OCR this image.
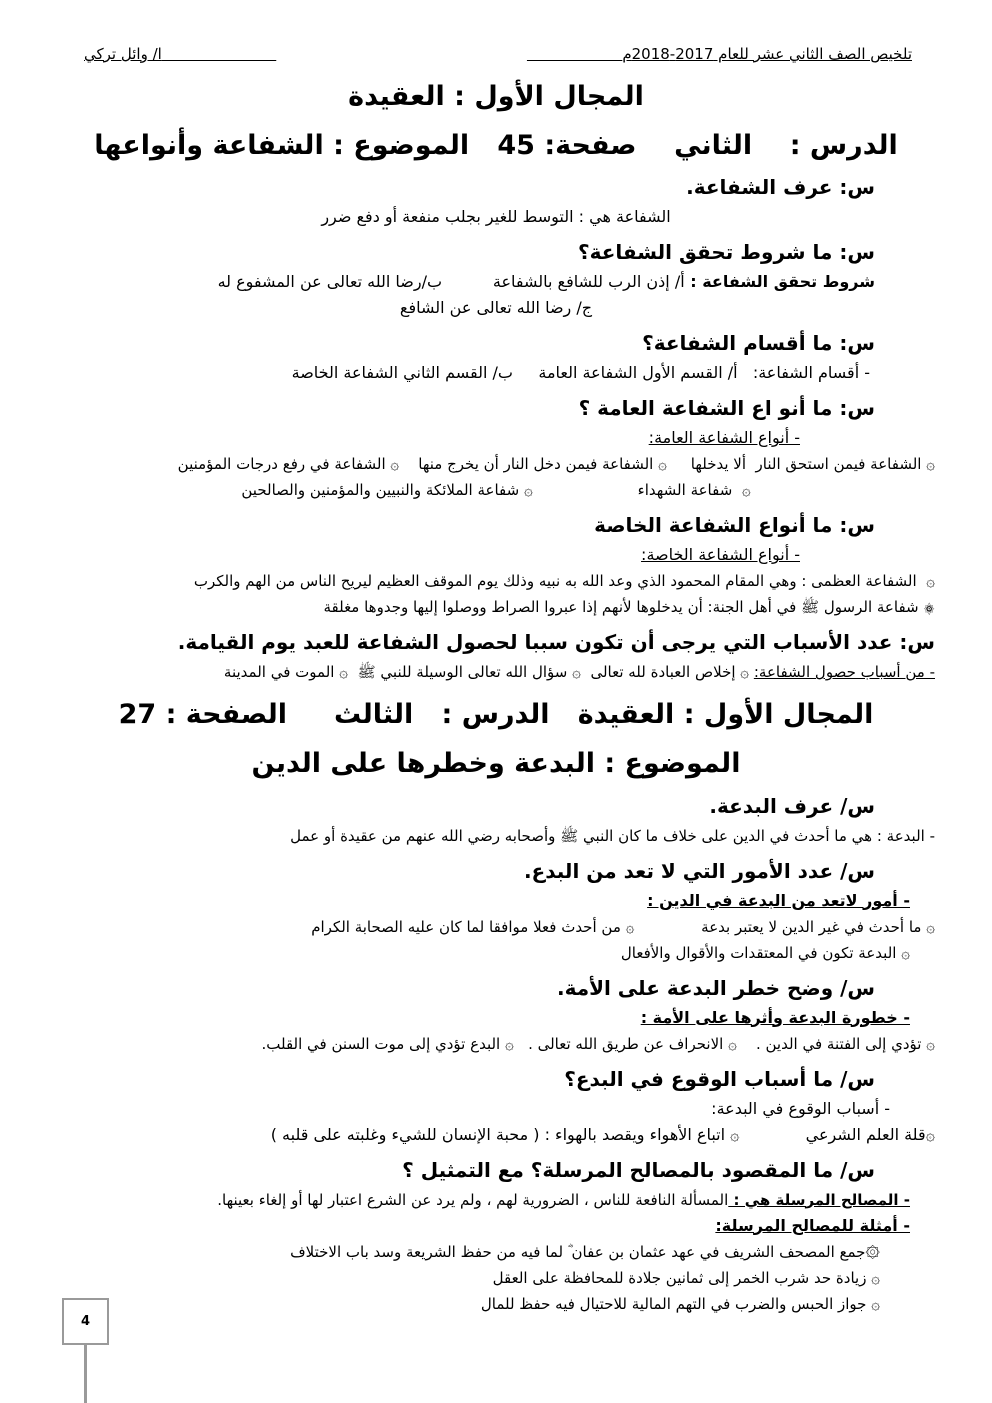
تلخيص الصف الثاني عشر للعام 2017-2018م
ا/ وائل تركي
المجال الأول : العقيدة
الدرس :    الثاني    صفحة: 45   الموضوع : الشفاعة وأنواعها
س: عرف الشفاعة.
الشفاعة هي : التوسط للغير بجلب منفعة أو دفع ضرر
س: ما شروط تحقق الشفاعة؟
شروط تحقق الشفاعة : أ/ إذن الرب للشافع بالشفاعة          ب/رضا الله تعالى عن المشفوع له
ج/ رضا الله تعالى عن الشافع
س: ما أقسام الشفاعة؟
- أقسام الشفاعة:   أ/ القسم الأول الشفاعة العامة     ب/ القسم الثاني الشفاعة الخاصة
س: ما أنو اع الشفاعة العامة ؟
- أنواع الشفاعة العامة:
۞ الشفاعة فيمن استحق النار  ألا يدخلها     ۞ الشفاعة فيمن دخل النار أن يخرج منها    ۞ الشفاعة في رفع درجات المؤمنين
۞  شفاعة الشهداء                      ۞ شفاعة الملائكة والنبيين والمؤمنين والصالحين
س: ما أنواع الشفاعة الخاصة
- أنواع الشفاعة الخاصة:
۞  الشفاعة العظمى : وهي المقام المحمود الذي وعد الله به نبيه وذلك يوم الموقف العظيم ليريح الناس من الهم والكرب
۞ شفاعة الرسول ﷺ في أهل الجنة: أن يدخلوها لأنهم إذا عبروا الصراط ووصلوا إليها وجدوها مغلقة
س: عدد الأسباب التي يرجى أن تكون سببا لحصول الشفاعة للعبد يوم القيامة.
- من أسباب حصول الشفاعة: ۞ إخلاص العبادة لله تعالى  ۞ سؤال الله تعالى الوسيلة للنبي ﷺ  ۞ الموت في المدينة
المجال الأول : العقيدة   الدرس :   الثالث     الصفحة : 27
الموضوع : البدعة وخطرها على الدين
س/ عرف البدعة.
- البدعة : هي ما أحدث في الدين على خلاف ما كان النبي ﷺ وأصحابه رضي الله عنهم من عقيدة أو عمل
س/ عدد الأمور التي لا تعد من البدع.
- أمور لاتعد من البدعة في الدين :
۞ ما أحدث في غير الدين لا يعتبر بدعة              ۞ من أحدث فعلا موافقا لما كان عليه الصحابة الكرام
۞ البدعة تكون في المعتقدات والأقوال والأفعال
س/ وضح خطر البدعة على الأمة.
- خطورة البدعة وأثرها على الأمة :
۞ تؤدي إلى الفتنة في الدين .    ۞ الانحراف عن طريق الله تعالى .   ۞ البدع تؤدي إلى موت السنن في القلب.
س/ ما أسباب الوقوع في البدع؟
- أسباب الوقوع في البدعة:
۞قلة العلم الشرعي             ۞ اتباع الأهواء ويقصد بالهواء : ( محبة الإنسان للشيء وغلبته على قلبه )
س/ ما المقصود بالمصالح المرسلة؟ مع التمثيل ؟
- المصالح المرسلة هي : المسألة النافعة للناس ، الضرورية لهم ، ولم يرد عن الشرع اعتبار لها أو إلغاء بعينها.
- أمثلة للمصالح المرسلة:
۞جمع المصحف الشريف في عهد عثمان بن عفان ؓ لما فيه من حفظ الشريعة وسد باب الاختلاف
۞ زيادة حد شرب الخمر إلى ثمانين جلادة للمحافظة على العقل
۞ جواز الحبس والضرب في التهم المالية للاحتيال فيه حفظ للمال
4
